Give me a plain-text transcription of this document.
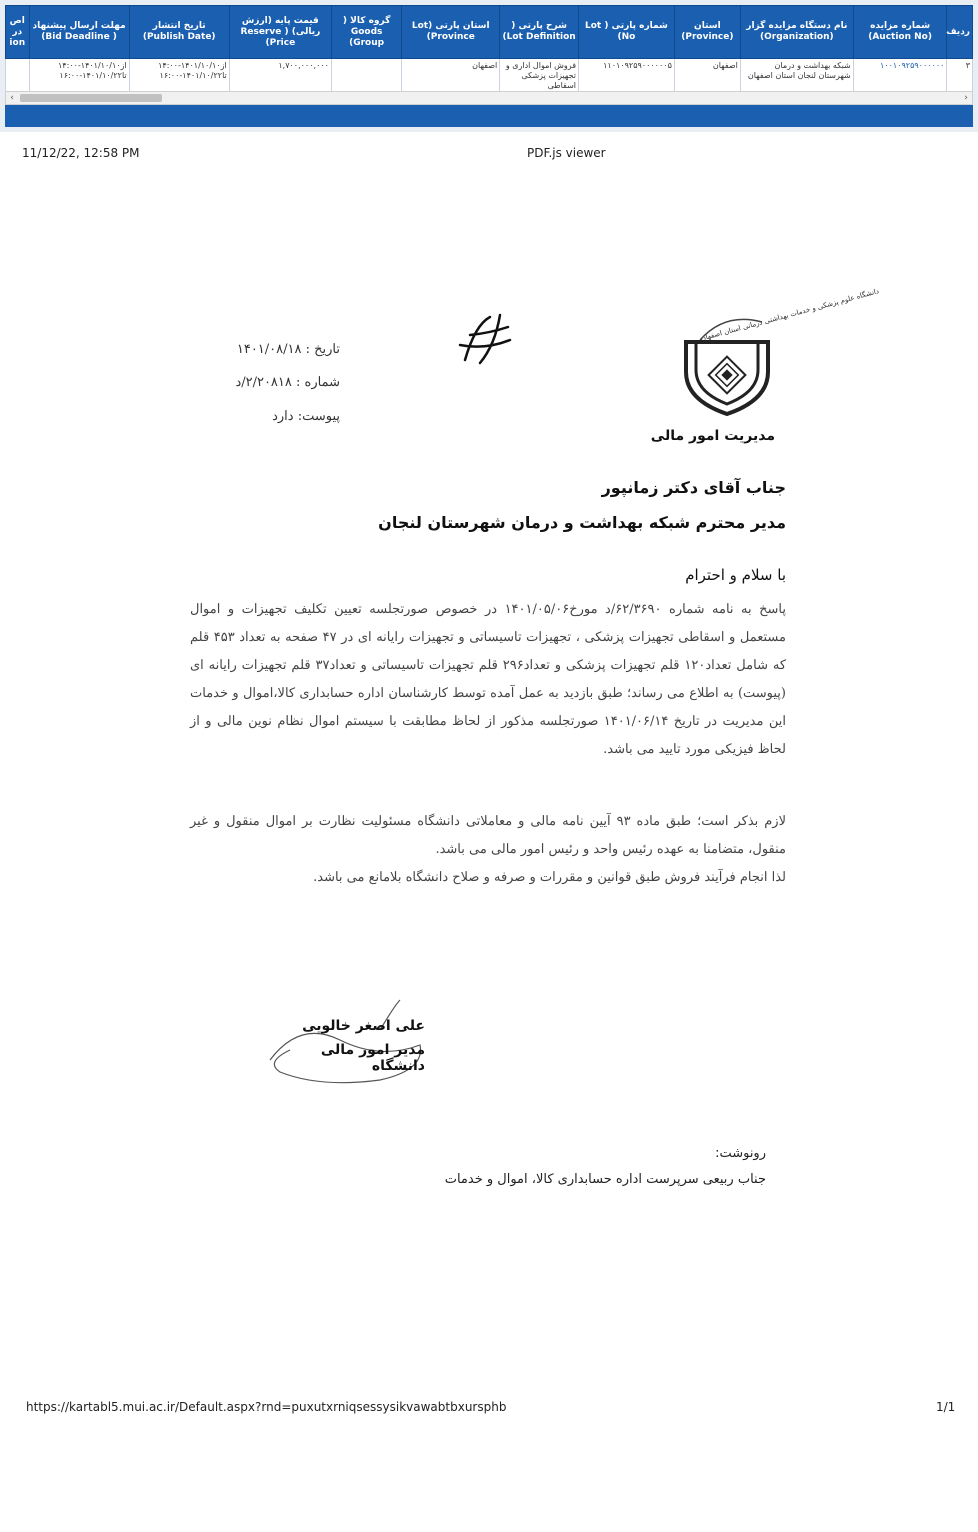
ردیف	شماره مزایده (Auction No)	نام دستگاه مزایده گزار (Organization)	استان (Province)	شماره پارتی ( Lot No)	شرح پارتی ( Lot Definition)	استان پارتی (Lot Province)	گروه کالا ( Goods Group)	قیمت پایه (ارزش ریالی) ( Reserve Price)	تاریخ انتشار (Publish Date)	مهلت ارسال پیشنهاد ( Bid Deadline)	اص در ion
۳	۱۰۰۱۰۹۲۵۹۰۰۰۰۰۰	شبکه بهداشت و درمان شهرستان لنجان استان اصفهان	اصفهان	۱۱۰۱۰۹۲۵۹۰۰۰۰۰۰۵	فروش اموال اداری و تجهیزات پزشکی اسقاطی	اصفهان		۱,۷۰۰,۰۰۰,۰۰۰	از۱۴۰۱/۱۰/۱۰-۱۴:۰۰ تا۱۴۰۱/۱۰/۲۲-۱۶:۰۰	از۱۴۰۱/۱۰/۱۰-۱۴:۰۰ تا۱۴۰۱/۱۰/۲۲-۱۶:۰۰	
‹	›
11/12/22, 12:58 PM	PDF.js viewer
دانشگاه علوم پزشکی و خدمات بهداشتی درمانی استان اصفهان
مدیریت امور مالی
بسمه تعالی
تاریخ : ۱۴۰۱/۰۸/۱۸
شماره : ۲/۲۰۸۱۸/د
پیوست: دارد
جناب آقای دکتر زمانپور
مدیر محترم شبکه بهداشت و درمان شهرستان لنجان
با سلام و احترام
پاسخ به نامه شماره ۶۲/۳۶۹۰/د مورخ۱۴۰۱/۰۵/۰۶ در خصوص صورتجلسه تعیین تکلیف تجهیزات و اموال مستعمل و اسقاطی تجهیزات پزشکی ، تجهیزات تاسیساتی و تجهیزات رایانه ای در ۴۷ صفحه به تعداد ۴۵۳ قلم که شامل تعداد۱۲۰ قلم تجهیزات پزشکی و تعداد۲۹۶ قلم تجهیزات تاسیساتی و تعداد۳۷ قلم تجهیزات رایانه ای (پیوست) به اطلاع می رساند؛ طبق بازدید به عمل آمده توسط کارشناسان اداره حسابداری کالا،اموال و خدمات این مدیریت در تاریخ ۱۴۰۱/۰۶/۱۴ صورتجلسه مذکور از لحاظ مطابقت با سیستم اموال نظام نوین مالی و از لحاظ فیزیکی مورد تایید می باشد.
لازم بذکر است؛ طبق ماده ۹۳ آیین نامه مالی و معاملاتی دانشگاه مسئولیت نظارت بر اموال منقول و غیر منقول، متضامنا به عهده رئیس واحد و رئیس امور مالی می باشد.
لذا انجام فرآیند فروش طبق قوانین و مقررات و صرفه و صلاح دانشگاه بلامانع می باشد.
علی اصغر خالویی
مدیر امور مالی دانشگاه
رونوشت:
جناب ربیعی سرپرست اداره حسابداری کالا، اموال و خدمات
https://kartabl5.mui.ac.ir/Default.aspx?rnd=puxutxrniqsessysikvawabtbxursphb	1/1
